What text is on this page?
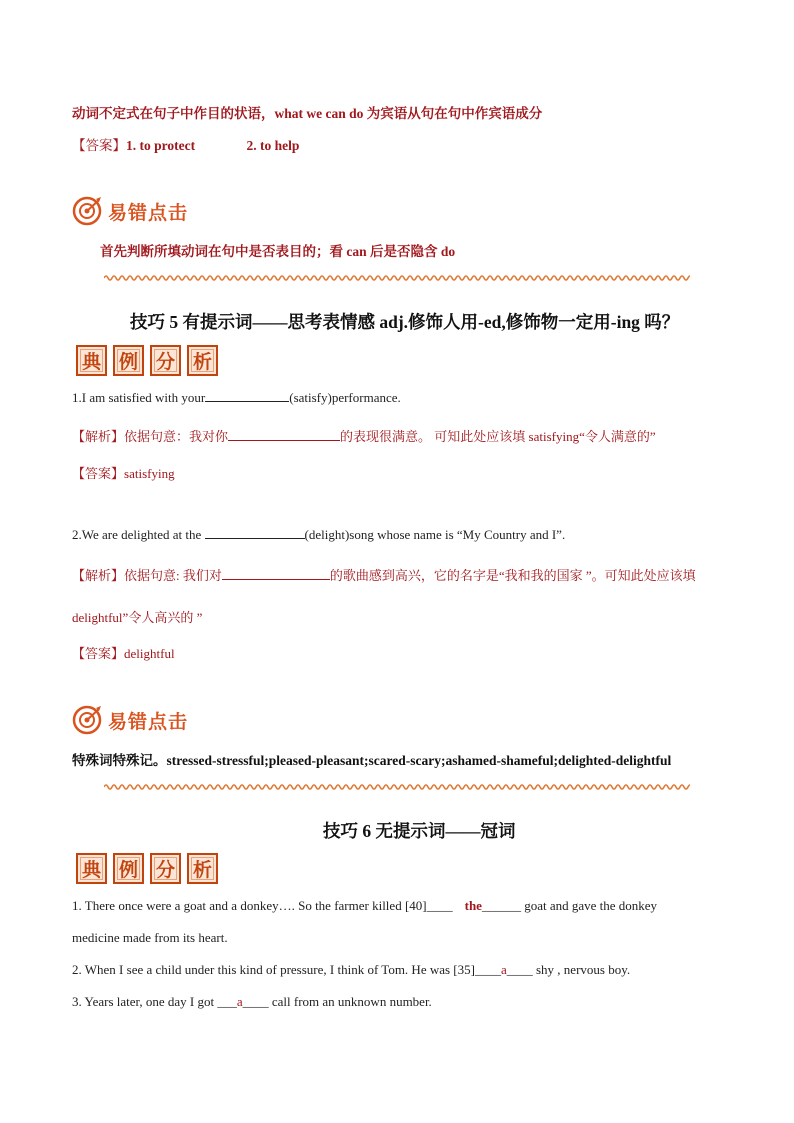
动词不定式在句子中作目的状语，what we can do 为宾语从句在句中作宾语成分
【答案】1. to protect	2. to help
易错点击
首先判断所填动词在句中是否表目的；看 can 后是否隐含 do
技巧 5 有提示词——思考表情感 adj.修饰人用-ed,修饰物一定用-ing 吗？
典 例 分 析
1.I am satisfied with your	(satisfy)performance.
【解析】依据句意：我对你	的表现很满意。 可知此处应该填 satisfying“令人满意的”
【答案】satisfying
2.We are delighted at the	(delight)song whose name is “My Country and I”.
【解析】依据句意: 我们对	的歌曲感到高兴，它的名字是“我和我的国家 ”。可知此处应该填
delightful”令人高兴的 ”
【答案】delightful
易错点击
特殊词特殊记。stressed-stressful;pleased-pleasant;scared-scary;ashamed-shameful;delighted-delightful
技巧 6 无提示词——冠词
典 例 分 析
1. There once were a goat and a donkey…. So the farmer killed [40]____ the______ goat and gave the donkey
medicine made from its heart.
2. When I see a child under this kind of pressure, I think of Tom. He was [35]____a____ shy , nervous boy.
3. Years later, one day I got ___a____ call from an unknown number.
